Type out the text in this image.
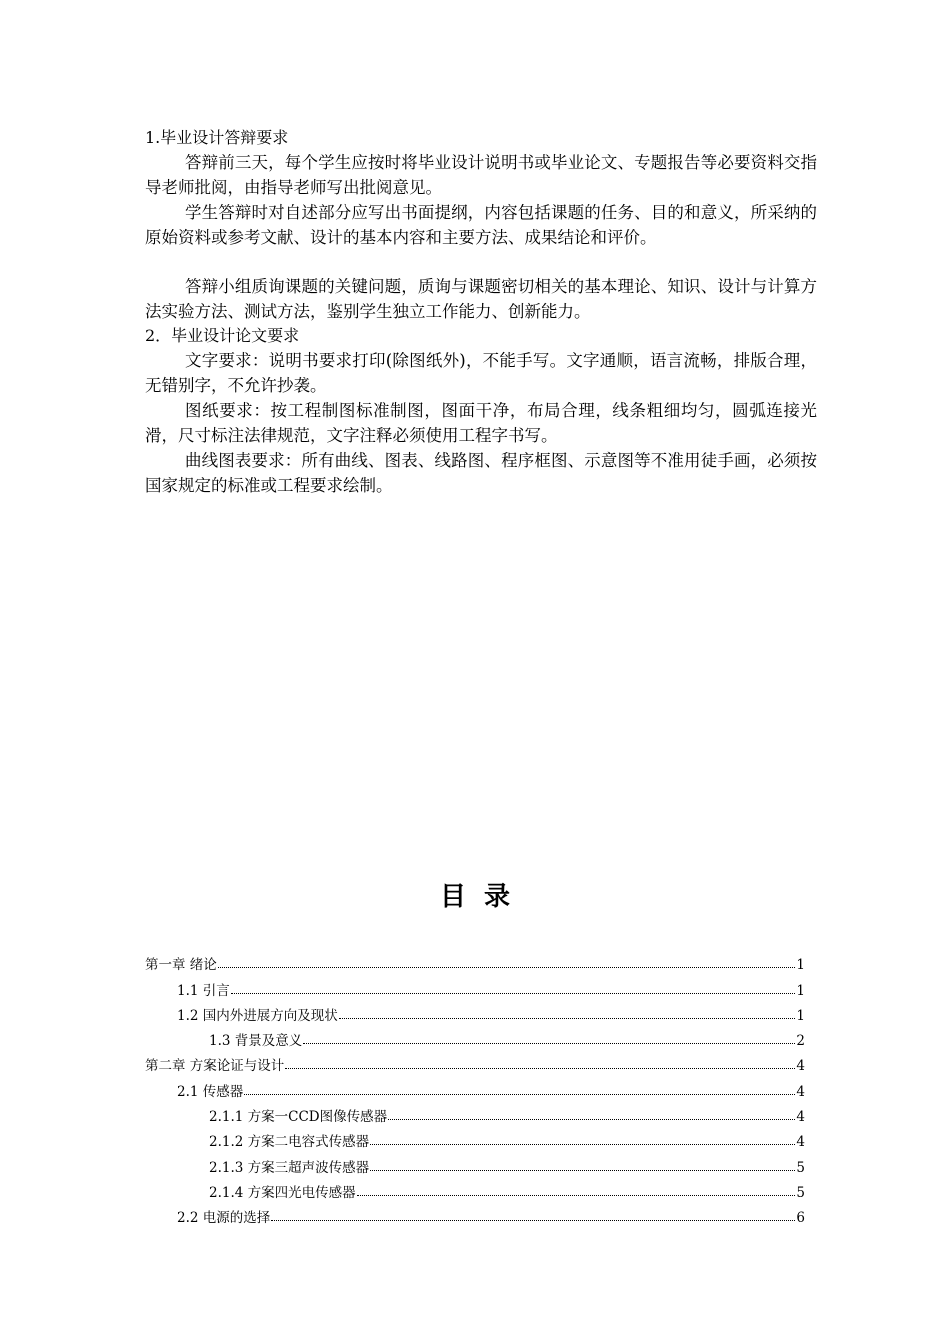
1.毕业设计答辩要求
答辩前三天，每个学生应按时将毕业设计说明书或毕业论文、专题报告等必要资料交指导老师批阅，由指导老师写出批阅意见。
学生答辩时对自述部分应写出书面提纲，内容包括课题的任务、目的和意义，所采纳的原始资料或参考文献、设计的基本内容和主要方法、成果结论和评价。
答辩小组质询课题的关键问题，质询与课题密切相关的基本理论、知识、设计与计算方法实验方法、测试方法，鉴别学生独立工作能力、创新能力。
2．毕业设计论文要求
文字要求：说明书要求打印(除图纸外)，不能手写。文字通顺，语言流畅，排版合理，无错别字，不允许抄袭。
图纸要求：按工程制图标准制图，图面干净，布局合理，线条粗细均匀，圆弧连接光滑，尺寸标注法律规范，文字注释必须使用工程字书写。
曲线图表要求：所有曲线、图表、线路图、程序框图、示意图等不准用徒手画，必须按国家规定的标准或工程要求绘制。
目录
第一章 绪论	1
1.1 引言	1
1.2 国内外进展方向及现状	1
1.3 背景及意义	2
第二章 方案论证与设计	4
2.1 传感器	4
2.1.1 方案一CCD图像传感器	4
2.1.2 方案二电容式传感器	4
2.1.3 方案三超声波传感器	5
2.1.4 方案四光电传感器	5
2.2 电源的选择	6
